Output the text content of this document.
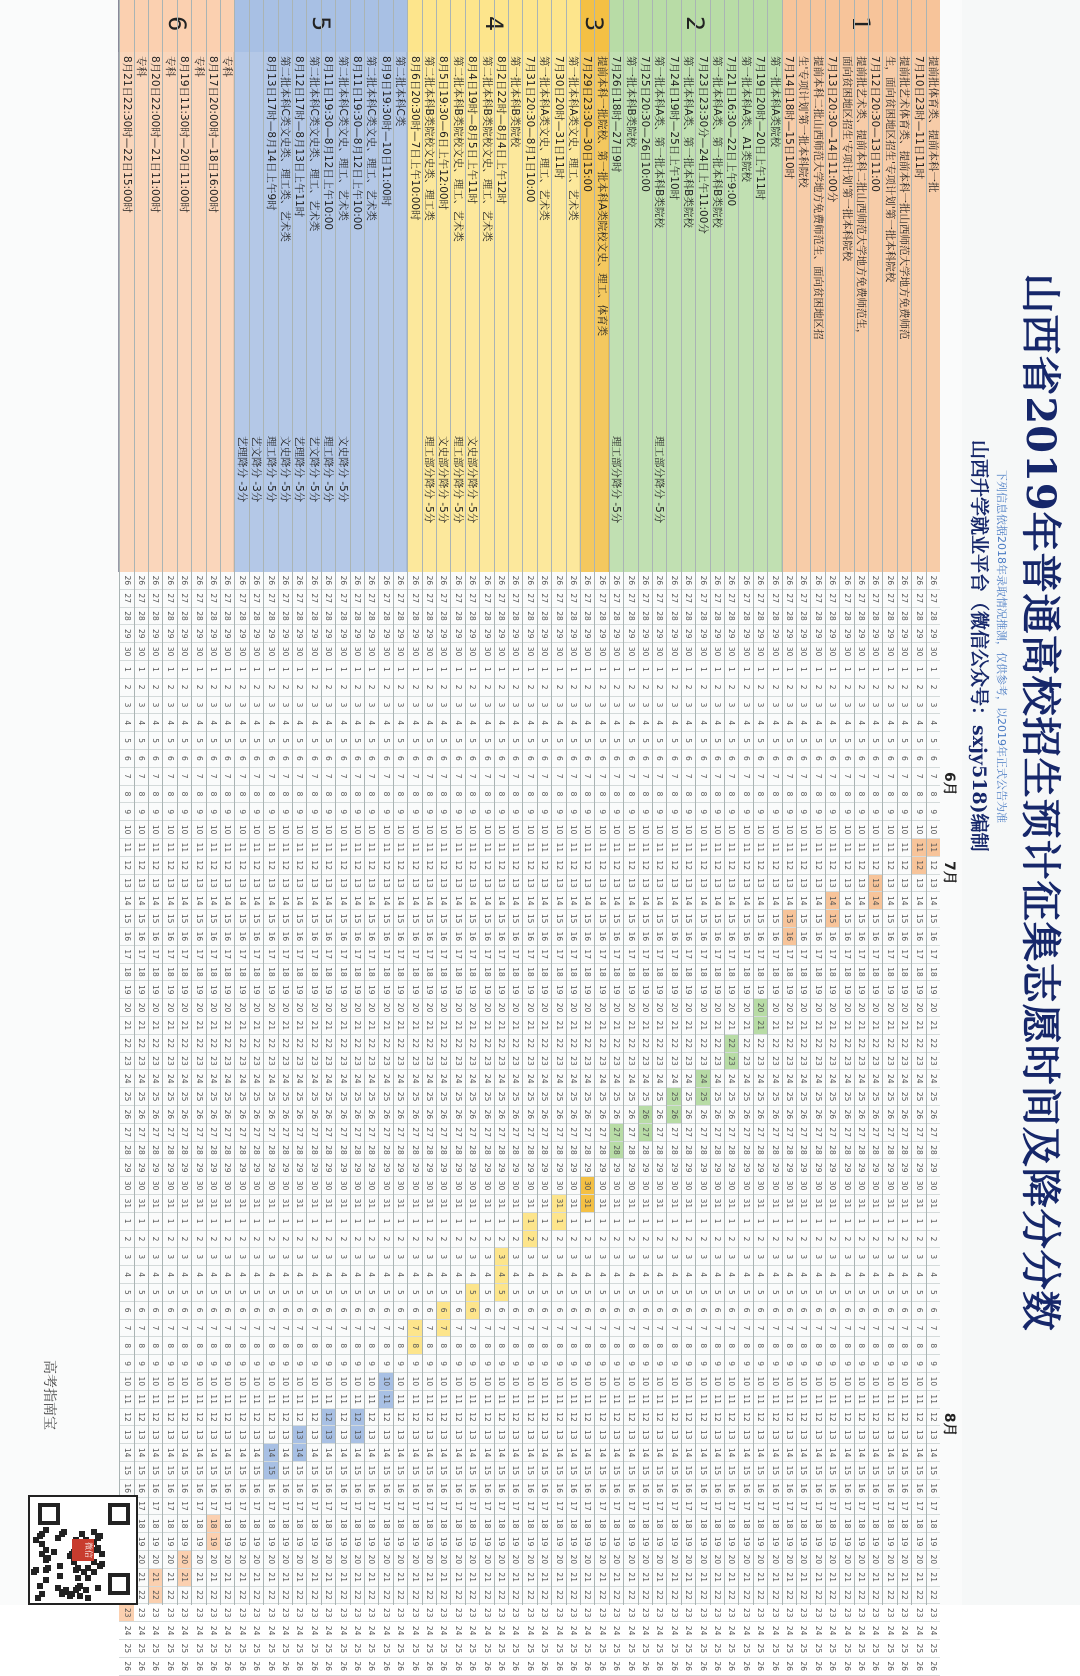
山西省2019年普通高校招生预计征集志愿时间及降分分数
下列信息依据2018年录取情况推测，仅供参考，以2019年正式公告为准
山西升学就业平台（微信公众号：sxjy518)编制
6月
7月
8月
1
提前批体育类、提前本科一批
26
27
28
29
30
1
2
3
4
5
6
7
8
9
10
11
12
13
14
15
16
17
18
19
20
21
22
23
24
25
26
27
28
29
30
31
1
2
3
4
5
6
7
8
9
10
11
12
13
14
15
16
17
18
19
20
21
22
23
24
25
26
7月10日23时—11日11时
26
27
28
29
30
1
2
3
4
5
6
7
8
9
10
11
12
13
14
15
16
17
18
19
20
21
22
23
24
25
26
27
28
29
30
31
1
2
3
4
5
6
7
8
9
10
11
12
13
14
15
16
17
18
19
20
21
22
23
24
25
26
提前批艺术体育类、提前本科一批山西师范大学地方免费师范
26
27
28
29
30
1
2
3
4
5
6
7
8
9
10
11
12
13
14
15
16
17
18
19
20
21
22
23
24
25
26
27
28
29
30
31
1
2
3
4
5
6
7
8
9
10
11
12
13
14
15
16
17
18
19
20
21
22
23
24
25
26
生，面向贫困地区招生'专项计划'第一批本科院校
26
27
28
29
30
1
2
3
4
5
6
7
8
9
10
11
12
13
14
15
16
17
18
19
20
21
22
23
24
25
26
27
28
29
30
31
1
2
3
4
5
6
7
8
9
10
11
12
13
14
15
16
17
18
19
20
21
22
23
24
25
26
7月12日20:30—13日11:00
26
27
28
29
30
1
2
3
4
5
6
7
8
9
10
11
12
13
14
15
16
17
18
19
20
21
22
23
24
25
26
27
28
29
30
31
1
2
3
4
5
6
7
8
9
10
11
12
13
14
15
16
17
18
19
20
21
22
23
24
25
26
提前批艺术类、提前本科二批山西师范大学地方免费师范生，
26
27
28
29
30
1
2
3
4
5
6
7
8
9
10
11
12
13
14
15
16
17
18
19
20
21
22
23
24
25
26
27
28
29
30
31
1
2
3
4
5
6
7
8
9
10
11
12
13
14
15
16
17
18
19
20
21
22
23
24
25
26
面向贫困地区招生'专项计划'第一批本科院校
26
27
28
29
30
1
2
3
4
5
6
7
8
9
10
11
12
13
14
15
16
17
18
19
20
21
22
23
24
25
26
27
28
29
30
31
1
2
3
4
5
6
7
8
9
10
11
12
13
14
15
16
17
18
19
20
21
22
23
24
25
26
7月13日20:30—14日11:00分
26
27
28
29
30
1
2
3
4
5
6
7
8
9
10
11
12
13
14
15
16
17
18
19
20
21
22
23
24
25
26
27
28
29
30
31
1
2
3
4
5
6
7
8
9
10
11
12
13
14
15
16
17
18
19
20
21
22
23
24
25
26
提前本科二批山西师范大学地方免费师范生、面向贫困地区招
26
27
28
29
30
1
2
3
4
5
6
7
8
9
10
11
12
13
14
15
16
17
18
19
20
21
22
23
24
25
26
27
28
29
30
31
1
2
3
4
5
6
7
8
9
10
11
12
13
14
15
16
17
18
19
20
21
22
23
24
25
26
生'专项计划'第一批本科院校
26
27
28
29
30
1
2
3
4
5
6
7
8
9
10
11
12
13
14
15
16
17
18
19
20
21
22
23
24
25
26
27
28
29
30
31
1
2
3
4
5
6
7
8
9
10
11
12
13
14
15
16
17
18
19
20
21
22
23
24
25
26
7月14日18时—15日10时
26
27
28
29
30
1
2
3
4
5
6
7
8
9
10
11
12
13
14
15
16
17
18
19
20
21
22
23
24
25
26
27
28
29
30
31
1
2
3
4
5
6
7
8
9
10
11
12
13
14
15
16
17
18
19
20
21
22
23
24
25
26
第一批本科A类院校
26
27
28
29
30
1
2
3
4
5
6
7
8
9
10
11
12
13
14
15
16
17
18
19
20
21
22
23
24
25
26
27
28
29
30
31
1
2
3
4
5
6
7
8
9
10
11
12
13
14
15
16
17
18
19
20
21
22
23
24
25
26
7月19日20时—20日上午11时
26
27
28
29
30
1
2
3
4
5
6
7
8
9
10
11
12
13
14
15
16
17
18
19
20
21
22
23
24
25
26
27
28
29
30
31
1
2
3
4
5
6
7
8
9
10
11
12
13
14
15
16
17
18
19
20
21
22
23
24
25
26
第一批本科A类、A1类院校
26
27
28
29
30
1
2
3
4
5
6
7
8
9
10
11
12
13
14
15
16
17
18
19
20
21
22
23
24
25
26
27
28
29
30
31
1
2
3
4
5
6
7
8
9
10
11
12
13
14
15
16
17
18
19
20
21
22
23
24
25
26
7月21日16:30—22日上午9:00
26
27
28
29
30
1
2
3
4
5
6
7
8
9
10
11
12
13
14
15
16
17
18
19
20
21
22
23
24
25
26
27
28
29
30
31
1
2
3
4
5
6
7
8
9
10
11
12
13
14
15
16
17
18
19
20
21
22
23
24
25
26
第一批本科A类、第一批本科B类院校
26
27
28
29
30
1
2
3
4
5
6
7
8
9
10
11
12
13
14
15
16
17
18
19
20
21
22
23
24
25
26
27
28
29
30
31
1
2
3
4
5
6
7
8
9
10
11
12
13
14
15
16
17
18
19
20
21
22
23
24
25
26
7月23日23:30分—24日上午11:00分
26
27
28
29
30
1
2
3
4
5
6
7
8
9
10
11
12
13
14
15
16
17
18
19
20
21
22
23
24
25
26
27
28
29
30
31
1
2
3
4
5
6
7
8
9
10
11
12
13
14
15
16
17
18
19
20
21
22
23
24
25
26
第一批本科A类、第一批本科B类院校
26
27
28
29
30
1
2
3
4
5
6
7
8
9
10
11
12
13
14
15
16
17
18
19
20
21
22
23
24
25
26
27
28
29
30
31
1
2
3
4
5
6
7
8
9
10
11
12
13
14
15
16
17
18
19
20
21
22
23
24
25
26
7月24日19时—25日上午10时
26
27
28
29
30
1
2
3
4
5
6
7
8
9
10
11
12
13
14
15
16
17
18
19
20
21
22
23
24
25
26
27
28
29
30
31
1
2
3
4
5
6
7
8
9
10
11
12
13
14
15
16
17
18
19
20
21
22
23
24
25
26
第一批本科A类、第一批本科B类院校
理工部分降分 -5分
26
27
28
29
30
1
2
3
4
5
6
7
8
9
10
11
12
13
14
15
16
17
18
19
20
21
22
23
24
25
26
27
28
29
30
31
1
2
3
4
5
6
7
8
9
10
11
12
13
14
15
16
17
18
19
20
21
22
23
24
25
26
7月25日20:30—26日10:00
26
27
28
29
30
1
2
3
4
5
6
7
8
9
10
11
12
13
14
15
16
17
18
19
20
21
22
23
24
25
26
27
28
29
30
31
1
2
3
4
5
6
7
8
9
10
11
12
13
14
15
16
17
18
19
20
21
22
23
24
25
26
第一批本科B类院校
26
27
28
29
30
1
2
3
4
5
6
7
8
9
10
11
12
13
14
15
16
17
18
19
20
21
22
23
24
25
26
27
28
29
30
31
1
2
3
4
5
6
7
8
9
10
11
12
13
14
15
16
17
18
19
20
21
22
23
24
25
26
7月26日18时—27日9时
理工部分降分 -5分
26
27
28
29
30
1
2
3
4
5
6
7
8
9
10
11
12
13
14
15
16
17
18
19
20
21
22
23
24
25
26
27
28
29
30
31
1
2
3
4
5
6
7
8
9
10
11
12
13
14
15
16
17
18
19
20
21
22
23
24
25
26
提前本科一批院校、第一批本科A类院校文史、理工、体育类
26
27
28
29
30
1
2
3
4
5
6
7
8
9
10
11
12
13
14
15
16
17
18
19
20
21
22
23
24
25
26
27
28
29
30
31
1
2
3
4
5
6
7
8
9
10
11
12
13
14
15
16
17
18
19
20
21
22
23
24
25
26
7月29日23:30—30日15:00
26
27
28
29
30
1
2
3
4
5
6
7
8
9
10
11
12
13
14
15
16
17
18
19
20
21
22
23
24
25
26
27
28
29
30
31
1
2
3
4
5
6
7
8
9
10
11
12
13
14
15
16
17
18
19
20
21
22
23
24
25
26
第一批本科A类文史、理工、艺术类
26
27
28
29
30
1
2
3
4
5
6
7
8
9
10
11
12
13
14
15
16
17
18
19
20
21
22
23
24
25
26
27
28
29
30
31
1
2
3
4
5
6
7
8
9
10
11
12
13
14
15
16
17
18
19
20
21
22
23
24
25
26
7月30日20时—31日11时
26
27
28
29
30
1
2
3
4
5
6
7
8
9
10
11
12
13
14
15
16
17
18
19
20
21
22
23
24
25
26
27
28
29
30
31
1
2
3
4
5
6
7
8
9
10
11
12
13
14
15
16
17
18
19
20
21
22
23
24
25
26
第一批本科A类文史、理工、艺术类
26
27
28
29
30
1
2
3
4
5
6
7
8
9
10
11
12
13
14
15
16
17
18
19
20
21
22
23
24
25
26
27
28
29
30
31
1
2
3
4
5
6
7
8
9
10
11
12
13
14
15
16
17
18
19
20
21
22
23
24
25
26
7月31日20:30—8月1日10:00
26
27
28
29
30
1
2
3
4
5
6
7
8
9
10
11
12
13
14
15
16
17
18
19
20
21
22
23
24
25
26
27
28
29
30
31
1
2
3
4
5
6
7
8
9
10
11
12
13
14
15
16
17
18
19
20
21
22
23
24
25
26
第一批本科B类院校
26
27
28
29
30
1
2
3
4
5
6
7
8
9
10
11
12
13
14
15
16
17
18
19
20
21
22
23
24
25
26
27
28
29
30
31
1
2
3
4
5
6
7
8
9
10
11
12
13
14
15
16
17
18
19
20
21
22
23
24
25
26
8月2日22时—8月4日上午12时
26
27
28
29
30
1
2
3
4
5
6
7
8
9
10
11
12
13
14
15
16
17
18
19
20
21
22
23
24
25
26
27
28
29
30
31
1
2
3
4
5
6
7
8
9
10
11
12
13
14
15
16
17
18
19
20
21
22
23
24
25
26
第二批本科B类院校文史、理工、艺术类
26
27
28
29
30
1
2
3
4
5
6
7
8
9
10
11
12
13
14
15
16
17
18
19
20
21
22
23
24
25
26
27
28
29
30
31
1
2
3
4
5
6
7
8
9
10
11
12
13
14
15
16
17
18
19
20
21
22
23
24
25
26
8月4日19时—8月5日上午11时
文史部分降分 -5分
26
27
28
29
30
1
2
3
4
5
6
7
8
9
10
11
12
13
14
15
16
17
18
19
20
21
22
23
24
25
26
27
28
29
30
31
1
2
3
4
5
6
7
8
9
10
11
12
13
14
15
16
17
18
19
20
21
22
23
24
25
26
第二批本科B类院校文史、理工、艺术类
理工部分降分 -5分
26
27
28
29
30
1
2
3
4
5
6
7
8
9
10
11
12
13
14
15
16
17
18
19
20
21
22
23
24
25
26
27
28
29
30
31
1
2
3
4
5
6
7
8
9
10
11
12
13
14
15
16
17
18
19
20
21
22
23
24
25
26
8月5日19:30—6日上午12:00时
文史部分降分 -5分
26
27
28
29
30
1
2
3
4
5
6
7
8
9
10
11
12
13
14
15
16
17
18
19
20
21
22
23
24
25
26
27
28
29
30
31
1
2
3
4
5
6
7
8
9
10
11
12
13
14
15
16
17
18
19
20
21
22
23
24
25
26
第二批本科B类院校文史类、理工类
理工部分降分 -5分
26
27
28
29
30
1
2
3
4
5
6
7
8
9
10
11
12
13
14
15
16
17
18
19
20
21
22
23
24
25
26
27
28
29
30
31
1
2
3
4
5
6
7
8
9
10
11
12
13
14
15
16
17
18
19
20
21
22
23
24
25
26
8月6日20:30时—7日上午10:00时
26
27
28
29
30
1
2
3
4
5
6
7
8
9
10
11
12
13
14
15
16
17
18
19
20
21
22
23
24
25
26
27
28
29
30
31
1
2
3
4
5
6
7
8
9
10
11
12
13
14
15
16
17
18
19
20
21
22
23
24
25
26
第二批本科C类
26
27
28
29
30
1
2
3
4
5
6
7
8
9
10
11
12
13
14
15
16
17
18
19
20
21
22
23
24
25
26
27
28
29
30
31
1
2
3
4
5
6
7
8
9
10
11
12
13
14
15
16
17
18
19
20
21
22
23
24
25
26
8月9日19:30时—10日11:00时
26
27
28
29
30
1
2
3
4
5
6
7
8
9
10
11
12
13
14
15
16
17
18
19
20
21
22
23
24
25
26
27
28
29
30
31
1
2
3
4
5
6
7
8
9
10
11
12
13
14
15
16
17
18
19
20
21
22
23
24
25
26
第二批本科C类文史、理工、艺术类
26
27
28
29
30
1
2
3
4
5
6
7
8
9
10
11
12
13
14
15
16
17
18
19
20
21
22
23
24
25
26
27
28
29
30
31
1
2
3
4
5
6
7
8
9
10
11
12
13
14
15
16
17
18
19
20
21
22
23
24
25
26
8月11日19:30—8月12日上午10:00
26
27
28
29
30
1
2
3
4
5
6
7
8
9
10
11
12
13
14
15
16
17
18
19
20
21
22
23
24
25
26
27
28
29
30
31
1
2
3
4
5
6
7
8
9
10
11
12
13
14
15
16
17
18
19
20
21
22
23
24
25
26
第二批本科C类文史、理工、艺术类
文史降分 -5分
26
27
28
29
30
1
2
3
4
5
6
7
8
9
10
11
12
13
14
15
16
17
18
19
20
21
22
23
24
25
26
27
28
29
30
31
1
2
3
4
5
6
7
8
9
10
11
12
13
14
15
16
17
18
19
20
21
22
23
24
25
26
8月11日19:30—8月12日上午10:00
理工降分 -5分
26
27
28
29
30
1
2
3
4
5
6
7
8
9
10
11
12
13
14
15
16
17
18
19
20
21
22
23
24
25
26
27
28
29
30
31
1
2
3
4
5
6
7
8
9
10
11
12
13
14
15
16
17
18
19
20
21
22
23
24
25
26
第二批本科C类文史类、理工、艺术类
艺文降分 -5分
26
27
28
29
30
1
2
3
4
5
6
7
8
9
10
11
12
13
14
15
16
17
18
19
20
21
22
23
24
25
26
27
28
29
30
31
1
2
3
4
5
6
7
8
9
10
11
12
13
14
15
16
17
18
19
20
21
22
23
24
25
26
8月12日17时—8月13日上午11时
艺理降分 -5分
26
27
28
29
30
1
2
3
4
5
6
7
8
9
10
11
12
13
14
15
16
17
18
19
20
21
22
23
24
25
26
27
28
29
30
31
1
2
3
4
5
6
7
8
9
10
11
12
13
14
15
16
17
18
19
20
21
22
23
24
25
26
第二批本科C类文史类、理工类、艺术类
文史降分 -5分
26
27
28
29
30
1
2
3
4
5
6
7
8
9
10
11
12
13
14
15
16
17
18
19
20
21
22
23
24
25
26
27
28
29
30
31
1
2
3
4
5
6
7
8
9
10
11
12
13
14
15
16
17
18
19
20
21
22
23
24
25
26
8月13日17时—8月14日上午9时
理工降分 -5分
26
27
28
29
30
1
2
3
4
5
6
7
8
9
10
11
12
13
14
15
16
17
18
19
20
21
22
23
24
25
26
27
28
29
30
31
1
2
3
4
5
6
7
8
9
10
11
12
13
14
15
16
17
18
19
20
21
22
23
24
25
26
艺文降分 -3分
26
27
28
29
30
1
2
3
4
5
6
7
8
9
10
11
12
13
14
15
16
17
18
19
20
21
22
23
24
25
26
27
28
29
30
31
1
2
3
4
5
6
7
8
9
10
11
12
13
14
15
16
17
18
19
20
21
22
23
24
25
26
艺理降分 -3分
26
27
28
29
30
1
2
3
4
5
6
7
8
9
10
11
12
13
14
15
16
17
18
19
20
21
22
23
24
25
26
27
28
29
30
31
1
2
3
4
5
6
7
8
9
10
11
12
13
14
15
16
17
18
19
20
21
22
23
24
25
26
专科
26
27
28
29
30
1
2
3
4
5
6
7
8
9
10
11
12
13
14
15
16
17
18
19
20
21
22
23
24
25
26
27
28
29
30
31
1
2
3
4
5
6
7
8
9
10
11
12
13
14
15
16
17
18
19
20
21
22
23
24
25
26
8月17日20:00时—18日16:00时
26
27
28
29
30
1
2
3
4
5
6
7
8
9
10
11
12
13
14
15
16
17
18
19
20
21
22
23
24
25
26
27
28
29
30
31
1
2
3
4
5
6
7
8
9
10
11
12
13
14
15
16
17
18
19
20
21
22
23
24
25
26
专科
26
27
28
29
30
1
2
3
4
5
6
7
8
9
10
11
12
13
14
15
16
17
18
19
20
21
22
23
24
25
26
27
28
29
30
31
1
2
3
4
5
6
7
8
9
10
11
12
13
14
15
16
17
18
19
20
21
22
23
24
25
26
8月19日11:30时—20日11:00时
26
27
28
29
30
1
2
3
4
5
6
7
8
9
10
11
12
13
14
15
16
17
18
19
20
21
22
23
24
25
26
27
28
29
30
31
1
2
3
4
5
6
7
8
9
10
11
12
13
14
15
16
17
18
19
20
21
22
23
24
25
26
专科
26
27
28
29
30
1
2
3
4
5
6
7
8
9
10
11
12
13
14
15
16
17
18
19
20
21
22
23
24
25
26
27
28
29
30
31
1
2
3
4
5
6
7
8
9
10
11
12
13
14
15
16
17
18
19
20
21
22
23
24
25
26
8月20日22:00时—21日11:00时
26
27
28
29
30
1
2
3
4
5
6
7
8
9
10
11
12
13
14
15
16
17
18
19
20
21
22
23
24
25
26
27
28
29
30
31
1
2
3
4
5
6
7
8
9
10
11
12
13
14
15
16
17
18
19
20
21
22
23
24
25
26
专科
26
27
28
29
30
1
2
3
4
5
6
7
8
9
10
11
12
13
14
15
16
17
18
19
20
21
22
23
24
25
26
27
28
29
30
31
1
2
3
4
5
6
7
8
9
10
11
12
13
14
15
16
17
18
19
20
21
22
23
24
25
26
8月21日22:30时—22日15:00时
26
27
28
29
30
1
2
3
4
5
6
7
8
9
10
11
12
13
14
15
16
17
18
19
20
21
22
23
24
25
26
27
28
29
30
31
1
2
3
4
5
6
7
8
9
10
11
12
13
14
15
16
23
24
25
26
微信
高考指南宝
